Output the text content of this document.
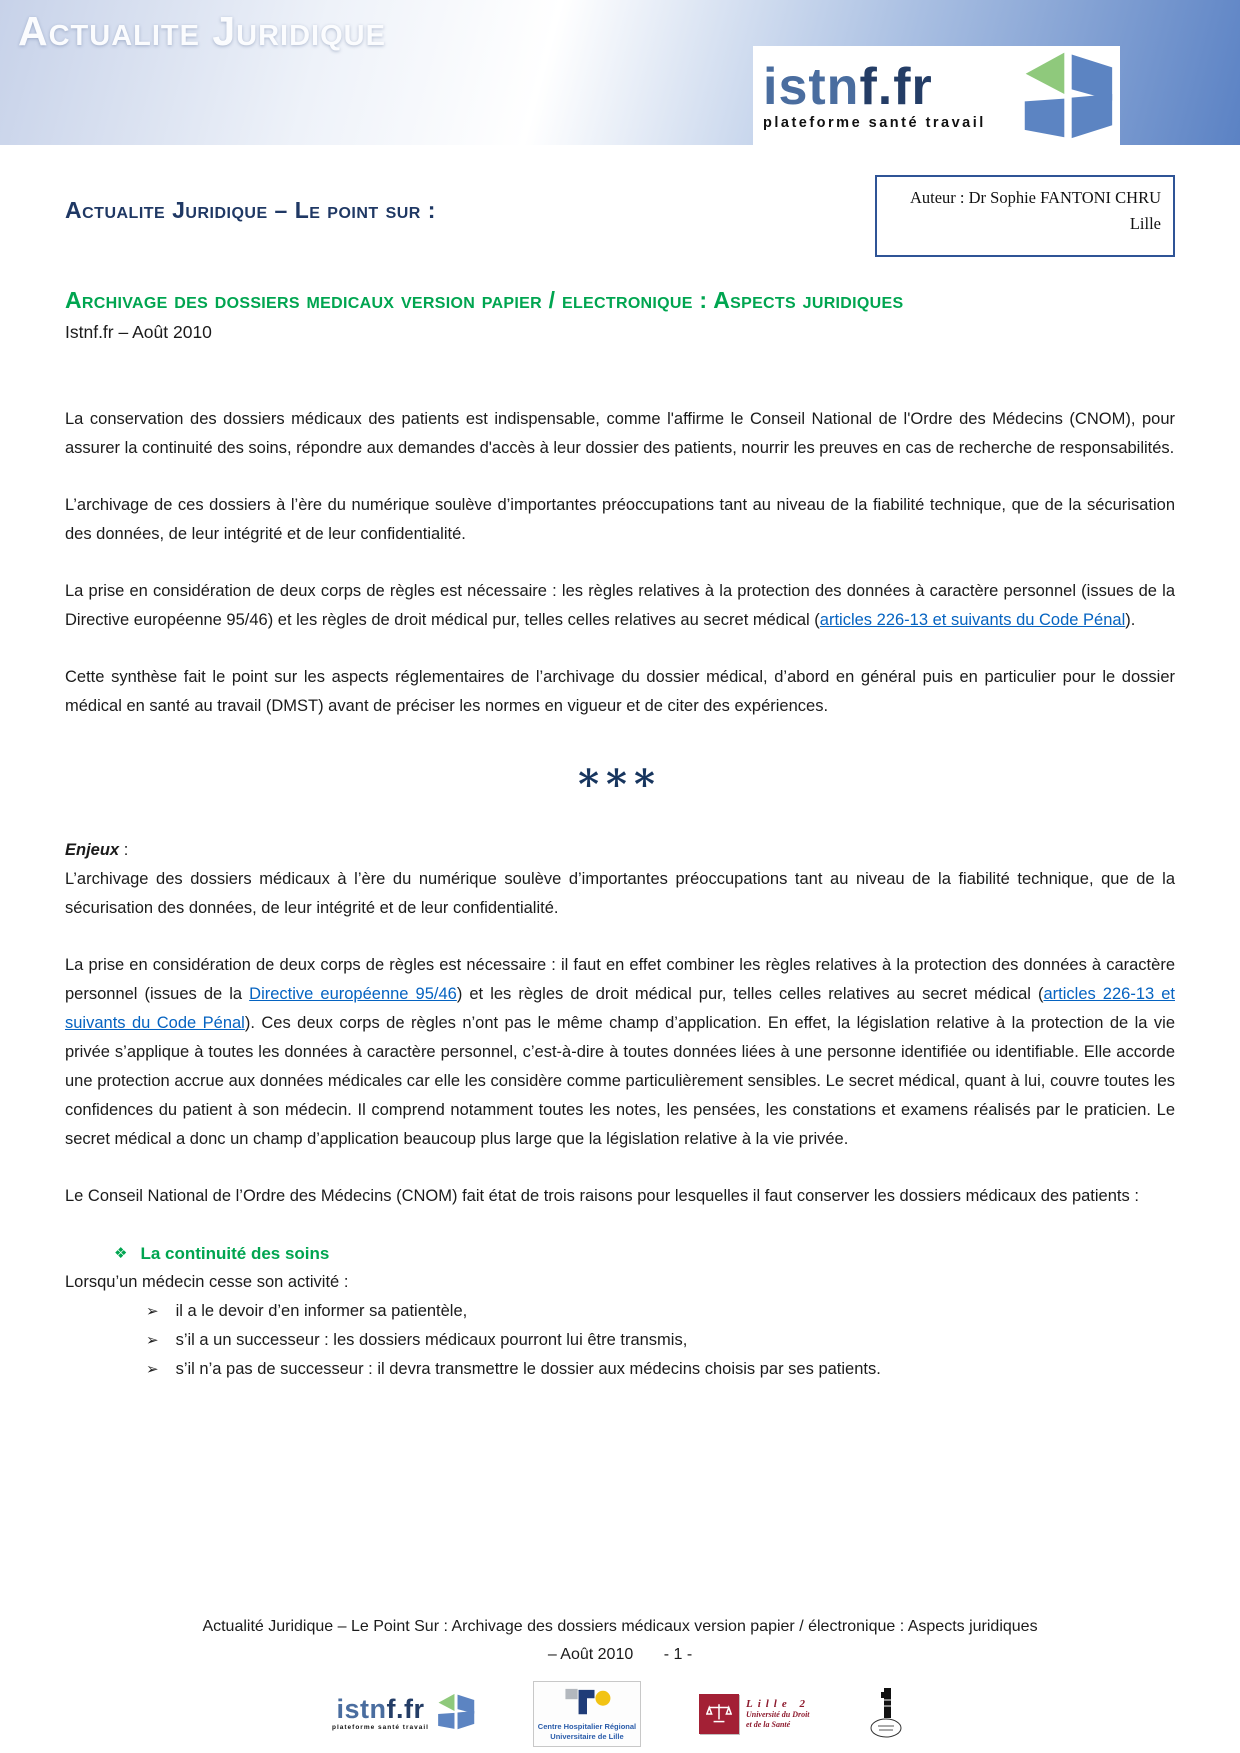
Actualite Juridique
istnf.fr
plateforme santé travail
Actualite Juridique – Le point sur :	Auteur : Dr Sophie FANTONI CHRU
Lille
Archivage des dossiers medicaux version papier / electronique : Aspects juridiques
Istnf.fr – Août 2010

La conservation des dossiers médicaux des patients est indispensable, comme l'affirme le Conseil National de l'Ordre des Médecins (CNOM), pour assurer la continuité des soins, répondre aux demandes d'accès à leur dossier des patients, nourrir les preuves en cas de recherche de responsabilités.

L’archivage de ces dossiers à l’ère du numérique soulève d’importantes préoccupations tant au niveau de la fiabilité technique, que de la sécurisation des données, de leur intégrité et de leur confidentialité.

La prise en considération de deux corps de règles est nécessaire : les règles relatives à la protection des données à caractère personnel (issues de la Directive européenne 95/46) et les règles de droit médical pur, telles celles relatives au secret médical (articles 226-13 et suivants du Code Pénal).

Cette synthèse fait le point sur les aspects réglementaires de l’archivage du dossier médical, d’abord en général puis en particulier pour le dossier médical en santé au travail (DMST) avant de préciser les normes en vigueur et de citer des expériences.

***
Enjeux :

L’archivage des dossiers médicaux à l’ère du numérique soulève d’importantes préoccupations tant au niveau de la fiabilité technique, que de la sécurisation des données, de leur intégrité et de leur confidentialité.

La prise en considération de deux corps de règles est nécessaire : il faut en effet combiner les règles relatives à la protection des données à caractère personnel (issues de la Directive européenne 95/46) et les règles de droit médical pur, telles celles relatives au secret médical (articles 226-13 et suivants du Code Pénal). Ces deux corps de règles n’ont pas le même champ d’application. En effet, la législation relative à la protection de la vie privée s’applique à toutes les données à caractère personnel, c’est-à-dire à toutes données liées à une personne identifiée ou identifiable. Elle accorde une protection accrue aux données médicales car elle les considère comme particulièrement sensibles. Le secret médical, quant à lui, couvre toutes les confidences du patient à son médecin. Il comprend notamment toutes les notes, les pensées, les constations et examens réalisés par le praticien. Le secret médical a donc un champ d’application beaucoup plus large que la législation relative à la vie privée.

Le Conseil National de l’Ordre des Médecins (CNOM) fait état de trois raisons pour lesquelles il faut conserver les dossiers médicaux des patients :

❖ La continuité des soins

Lorsqu’un médecin cesse son activité :

➢ il a le devoir d’en informer sa patientèle,
➢ s’il a un successeur : les dossiers médicaux pourront lui être transmis,
➢ s’il n’a pas de successeur : il devra transmettre le dossier aux médecins choisis par ses patients.
Actualité Juridique – Le Point Sur : Archivage des dossiers médicaux version papier / électronique : Aspects juridiques
– Août 2010 - 1 -
istnf.fr
plateforme santé travail	Centre Hospitalier Régional
Universitaire de Lille
Lille 2
Université du Droit
et de la Santé
